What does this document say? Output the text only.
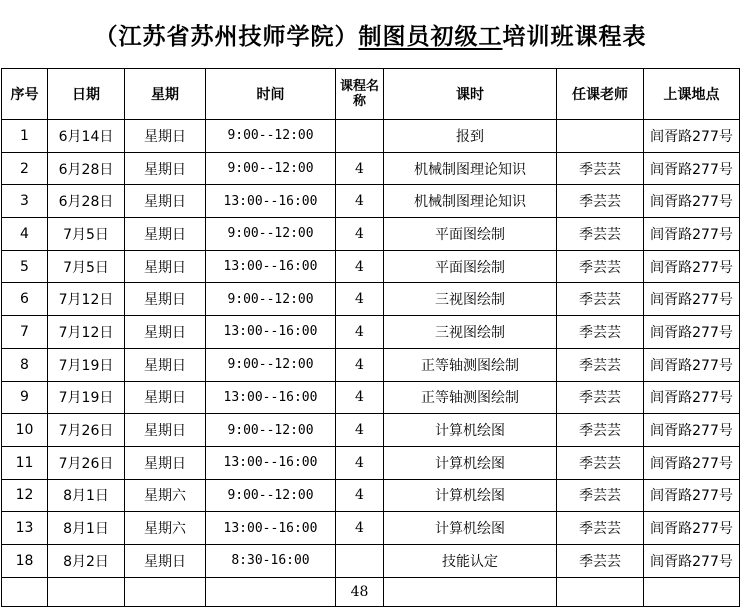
（江苏省苏州技师学院） 制图员初级工 培训班课程表
序号	日期	星期	时间	课程名称	课时	任课老师	上课地点
1	6月14日	星期日	9:00--12:00		报到		闾胥路277号
2	6月28日	星期日	9:00--12:00	4	机械制图理论知识	季芸芸	闾胥路277号
3	6月28日	星期日	13:00--16:00	4	机械制图理论知识	季芸芸	闾胥路277号
4	7月5日	星期日	9:00--12:00	4	平面图绘制	季芸芸	闾胥路277号
5	7月5日	星期日	13:00--16:00	4	平面图绘制	季芸芸	闾胥路277号
6	7月12日	星期日	9:00--12:00	4	三视图绘制	季芸芸	闾胥路277号
7	7月12日	星期日	13:00--16:00	4	三视图绘制	季芸芸	闾胥路277号
8	7月19日	星期日	9:00--12:00	4	正等轴测图绘制	季芸芸	闾胥路277号
9	7月19日	星期日	13:00--16:00	4	正等轴测图绘制	季芸芸	闾胥路277号
10	7月26日	星期日	9:00--12:00	4	计算机绘图	季芸芸	闾胥路277号
11	7月26日	星期日	13:00--16:00	4	计算机绘图	季芸芸	闾胥路277号
12	8月1日	星期六	9:00--12:00	4	计算机绘图	季芸芸	闾胥路277号
13	8月1日	星期六	13:00--16:00	4	计算机绘图	季芸芸	闾胥路277号
18	8月2日	星期日	8:30-16:00		技能认定	季芸芸	闾胥路277号
				48			
